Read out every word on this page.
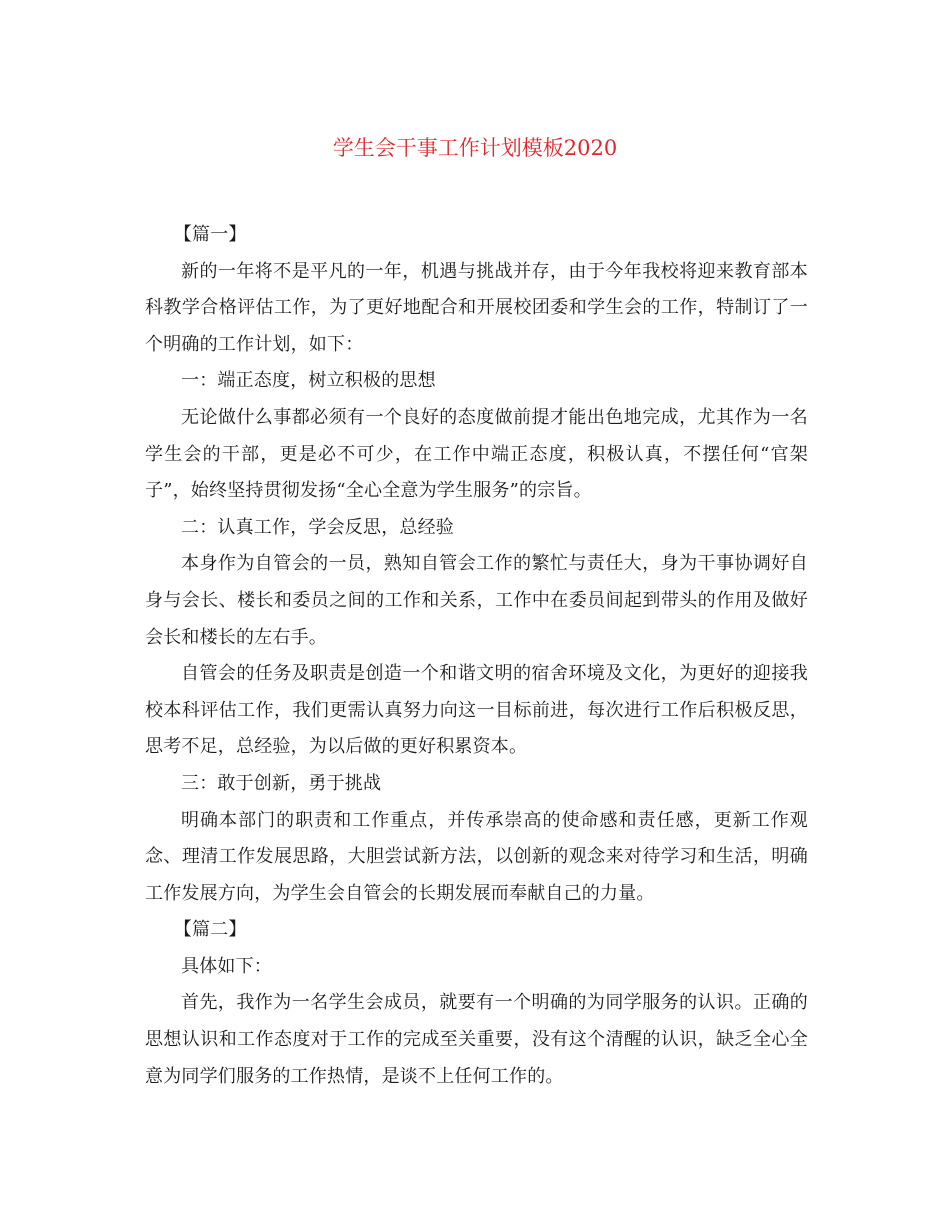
学生会干事工作计划模板2020

【篇一】

新的一年将不是平凡的一年，机遇与挑战并存，由于今年我校将迎来教育部本科教学合格评估工作，为了更好地配合和开展校团委和学生会的工作，特制订了一个明确的工作计划，如下：

一：端正态度，树立积极的思想

无论做什么事都必须有一个良好的态度做前提才能出色地完成，尤其作为一名学生会的干部，更是必不可少，在工作中端正态度，积极认真，不摆任何“官架子”，始终坚持贯彻发扬“全心全意为学生服务”的宗旨。

二：认真工作，学会反思，总经验

本身作为自管会的一员，熟知自管会工作的繁忙与责任大，身为干事协调好自身与会长、楼长和委员之间的工作和关系，工作中在委员间起到带头的作用及做好会长和楼长的左右手。

自管会的任务及职责是创造一个和谐文明的宿舍环境及文化，为更好的迎接我校本科评估工作，我们更需认真努力向这一目标前进，每次进行工作后积极反思，思考不足，总经验，为以后做的更好积累资本。

三：敢于创新，勇于挑战

明确本部门的职责和工作重点，并传承崇高的使命感和责任感，更新工作观念、理清工作发展思路，大胆尝试新方法，以创新的观念来对待学习和生活，明确工作发展方向，为学生会自管会的长期发展而奉献自己的力量。

【篇二】

具体如下：

首先，我作为一名学生会成员，就要有一个明确的为同学服务的认识。正确的思想认识和工作态度对于工作的完成至关重要，没有这个清醒的认识，缺乏全心全意为同学们服务的工作热情，是谈不上任何工作的。
